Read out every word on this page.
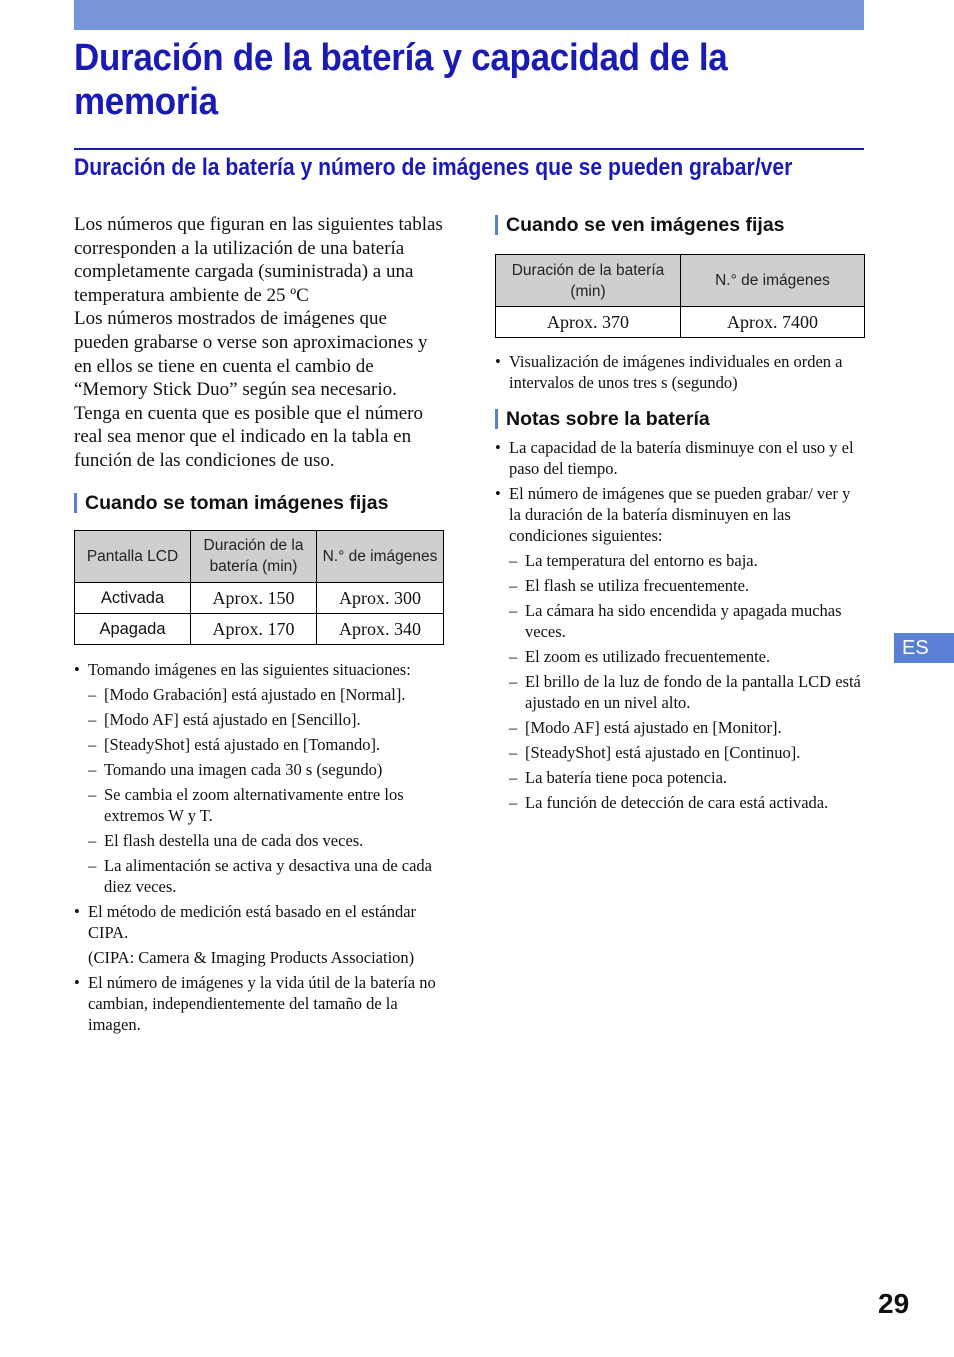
Duración de la batería y capacidad de la memoria
Duración de la batería y número de imágenes que se pueden grabar/ver

Los números que figuran en las siguientes tablas corresponden a la utilización de una batería completamente cargada (suministrada) a una temperatura ambiente de 25 ºC

Los números mostrados de imágenes que pueden grabarse o verse son aproximaciones y en ellos se tiene en cuenta el cambio de “Memory Stick Duo” según sea necesario.

Tenga en cuenta que es posible que el número real sea menor que el indicado en la tabla en función de las condiciones de uso.

Cuando se toman imágenes fijas
Pantalla LCD	Duración de la batería (min)	N.° de imágenes
Activada	Aprox. 150	Aprox. 300
Apagada	Aprox. 170	Aprox. 340
• Tomando imágenes en las siguientes situaciones:
– [Modo Grabación] está ajustado en [Normal].
– [Modo AF] está ajustado en [Sencillo].
– [SteadyShot] está ajustado en [Tomando].
– Tomando una imagen cada 30 s (segundo)
– Se cambia el zoom alternativamente entre los extremos W y T.
– El flash destella una de cada dos veces.
– La alimentación se activa y desactiva una de cada diez veces.
• El método de medición está basado en el estándar CIPA.

(CIPA: Camera & Imaging Products Association)

• El número de imágenes y la vida útil de la batería no cambian, independientemente del tamaño de la imagen.
Cuando se ven imágenes fijas
Duración de la batería (min)	N.° de imágenes
Aprox. 370	Aprox. 7400
• Visualización de imágenes individuales en orden a intervalos de unos tres s (segundo)
Notas sobre la batería
• La capacidad de la batería disminuye con el uso y el paso del tiempo.
• El número de imágenes que se pueden grabar/ ver y la duración de la batería disminuyen en las condiciones siguientes:
– La temperatura del entorno es baja.
– El flash se utiliza frecuentemente.
– La cámara ha sido encendida y apagada muchas veces.
– El zoom es utilizado frecuentemente.
– El brillo de la luz de fondo de la pantalla LCD está ajustado en un nivel alto.
– [Modo AF] está ajustado en [Monitor].
– [SteadyShot] está ajustado en [Continuo].
– La batería tiene poca potencia.
– La función de detección de cara está activada.
ES
29
